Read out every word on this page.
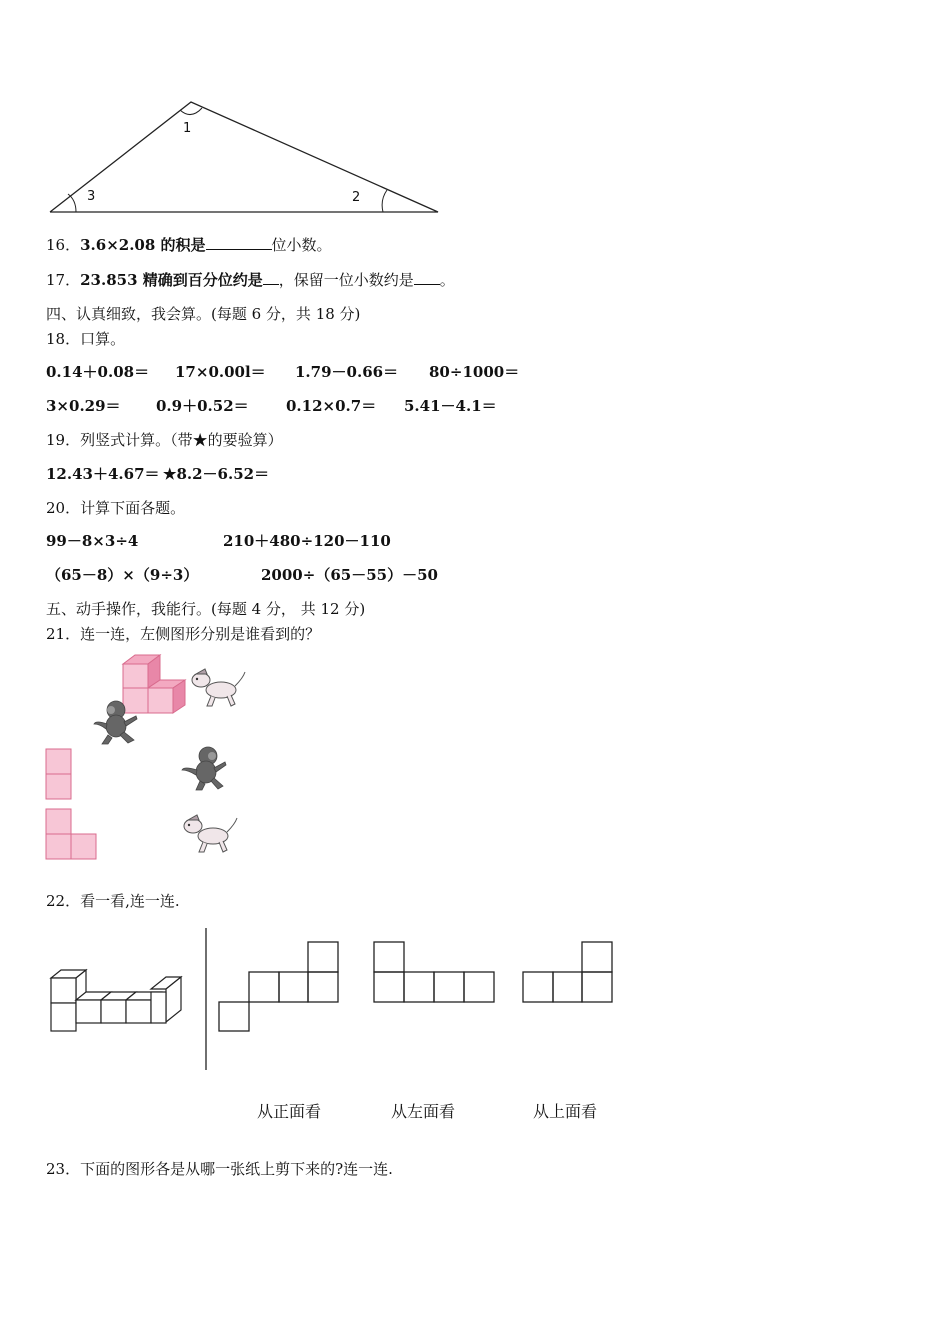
1
2
3
16．3.6×2.08 的积是	位小数。
17．23.853 精确到百分位约是 ，保留一位小数约是 。
四、认真细致，我会算。(每题 6 分，共 18 分)
18．口算。
0.14＋0.08＝ 17×0.00l＝ 1.79－0.66＝ 80÷1000＝
3×0.29＝ 0.9＋0.52＝ 0.12×0.7＝ 5.41－4.1＝
19．列竖式计算。（带★的要验算）
12.43＋4.67＝ ★8.2－6.52＝
20．计算下面各题。
99－8×3÷4	210＋480÷120－110
（65－8）×（9÷3）	2000÷（65－55）－50
五、动手操作，我能行。(每题 4 分， 共 12 分)
21．连一连，左侧图形分别是谁看到的？
22．看一看,连一连.
从正面看	从左面看	从上面看
23．下面的图形各是从哪一张纸上剪下来的?连一连.
